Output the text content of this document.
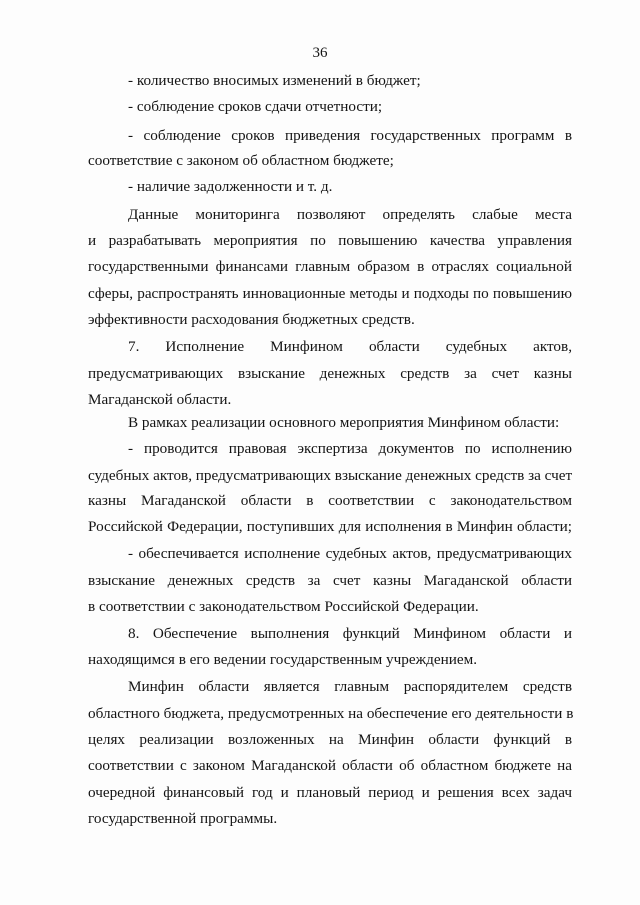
36
- количество вносимых изменений в бюджет;
- соблюдение сроков сдачи отчетности;
- соблюдение сроков приведения государственных программ в
соответствие с законом об областном бюджете;
- наличие задолженности и т. д.
Данные мониторинга позволяют определять слабые места
и разрабатывать мероприятия по повышению качества управления
государственными финансами главным образом в отраслях социальной
сферы, распространять инновационные методы и подходы по повышению
эффективности расходования бюджетных средств.
7. Исполнение Минфином области судебных актов,
предусматривающих взыскание денежных средств за счет казны
Магаданской области.
В рамках реализации основного мероприятия Минфином области:
- проводится правовая экспертиза документов по исполнению
судебных актов, предусматривающих взыскание денежных средств за счет
казны Магаданской области в соответствии с законодательством
Российской Федерации, поступивших для исполнения в Минфин области;
- обеспечивается исполнение судебных актов, предусматривающих
взыскание денежных средств за счет казны Магаданской области
в соответствии с законодательством Российской Федерации.
8. Обеспечение выполнения функций Минфином области и
находящимся в его ведении государственным учреждением.
Минфин области является главным распорядителем средств
областного бюджета, предусмотренных на обеспечение его деятельности в
целях реализации возложенных на Минфин области функций в
соответствии с законом Магаданской области об областном бюджете на
очередной финансовый год и плановый период и решения всех задач
государственной программы.
